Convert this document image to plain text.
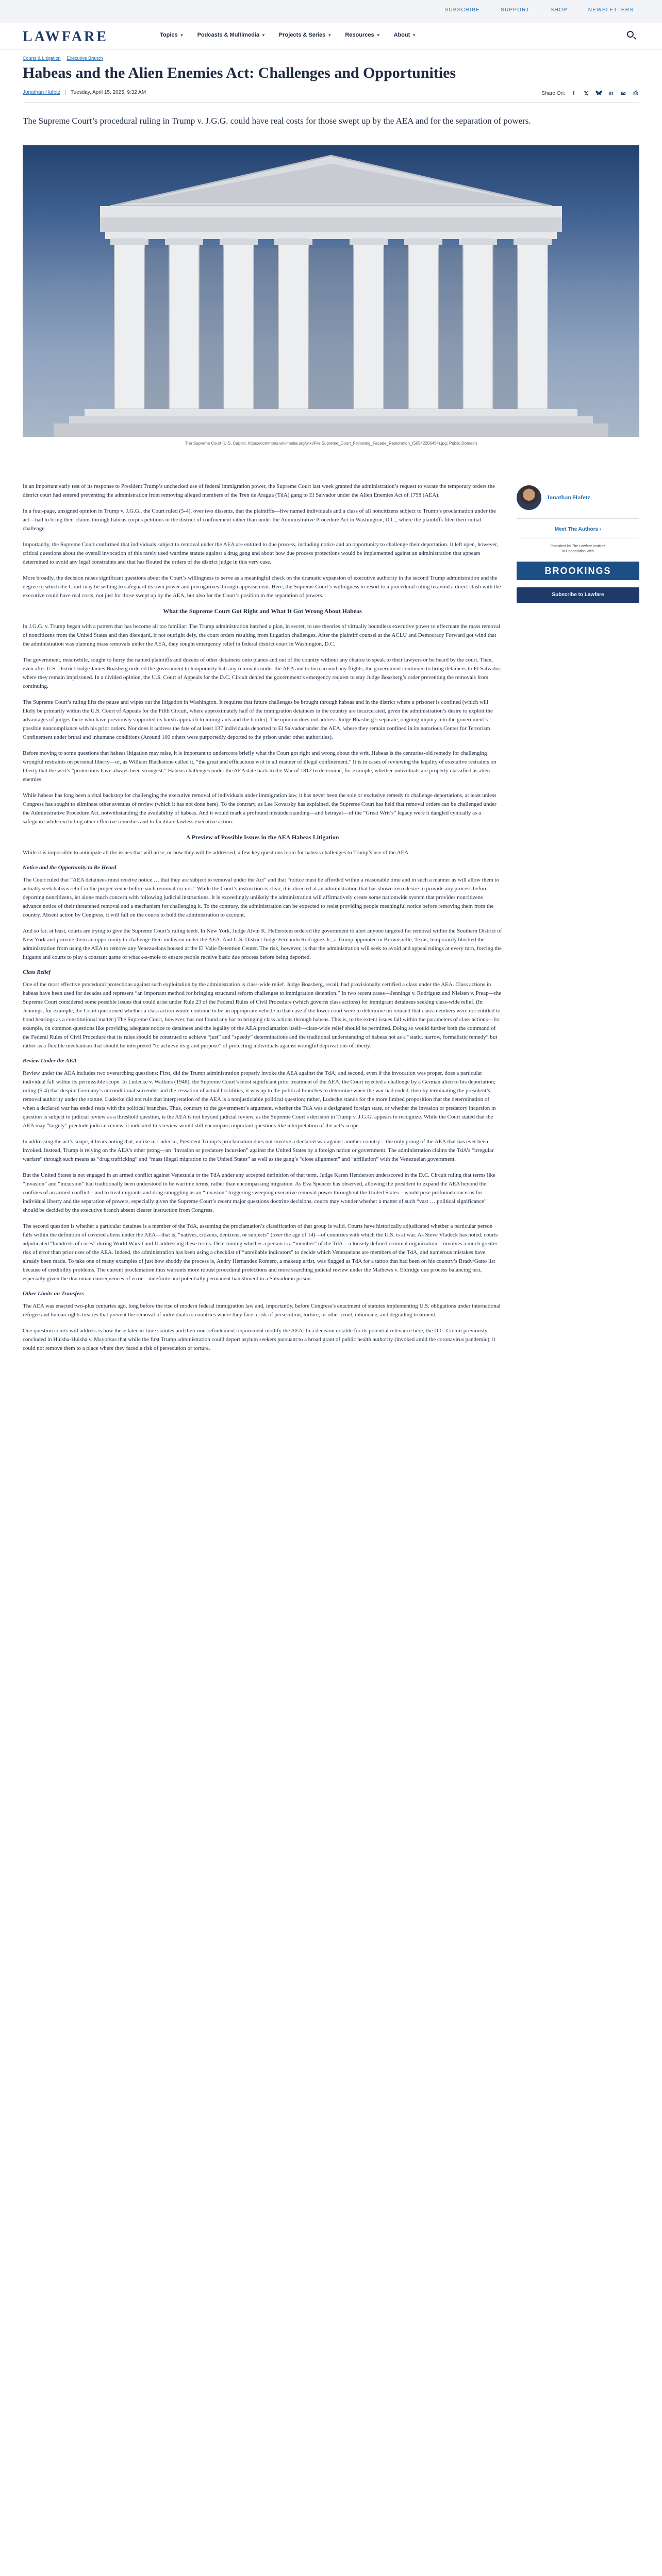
SUBSCRIBE	SUPPORT	SHOP	NEWSLETTERS
LAWFARE	Topics ▼ Podcasts & Multimedia ▼ Projects & Series ▼ Resources ▼ About ▼
Courts & Litigation Executive Branch
Habeas and the Alien Enemies Act: Challenges and Opportunities
Jonathan Hafetz | Tuesday, April 15, 2025, 9:32 AM	Share On:	f	𝕏	in ✉ ⎙

The Supreme Court’s procedural ruling in Trump v. J.G.G. could have real costs for those swept up by the AEA and for the separation of powers.

The Supreme Court (U.S. Capitol, https://commons.wikimedia.org/wiki/File:Supreme_Court_Following_Facade_Restoration_(50542206454).jpg; Public Domain)
Jonathan Hafetz
Meet The Authors ›
Published by The Lawfare Institute
in Cooperation With
BROOKINGS
Subscribe to Lawfare

In an important early test of its response to President Trump’s unchecked use of federal immigration power, the Supreme Court last week granted the administration’s request to vacate the temporary orders the district court had entered preventing the administration from removing alleged members of the Tren de Aragua (TdA) gang to El Salvador under the Alien Enemies Act of 1798 (AEA).

In a four-page, unsigned opinion in Trump v. J.G.G., the Court ruled (5-4), over two dissents, that the plaintiffs—five named individuals and a class of all noncitizens subject to Trump’s proclamation under the act—had to bring their claims through habeas corpus petitions in the district of confinement rather than under the Administrative Procedure Act in Washington, D.C., where the plaintiffs filed their initial challenge.

Importantly, the Supreme Court confirmed that individuals subject to removal under the AEA are entitled to due process, including notice and an opportunity to challenge their deportation. It left open, however, critical questions about the overall invocation of this rarely used wartime statute against a drug gang and about how due process protections would be implemented against an administration that appears determined to avoid any legal constraints and that has flouted the orders of the district judge in this very case.

More broadly, the decision raises significant questions about the Court’s willingness to serve as a meaningful check on the dramatic expansion of executive authority in the second Trump administration and the degree to which the Court may be willing to safeguard its own power and prerogatives through appeasement. Here, the Supreme Court’s willingness to resort to a procedural ruling to avoid a direct clash with the executive could have real costs, not just for those swept up by the AEA, but also for the Court’s position in the separation of powers.

What the Supreme Court Got Right and What It Got Wrong About Habeas

In J.G.G. v. Trump began with a pattern that has become all too familiar: The Trump administration hatched a plan, in secret, to use theories of virtually boundless executive power to effectuate the mass removal of noncitizens from the United States and then disregard, if not outright defy, the court orders resulting from litigation challenges. After the plaintiff counsel at the ACLU and Democracy Forward got wind that the administration was planning mass removals under the AEA, they sought emergency relief in federal district court in Washington, D.C.

The government, meanwhile, sought to hurry the named plaintiffs and dozens of other detainees onto planes and out of the country without any chance to speak to their lawyers or be heard by the court. Then, even after U.S. District Judge James Boasberg ordered the government to temporarily halt any removals under the AEA and to turn around any flights, the government continued to bring detainees to El Salvador, where they remain imprisoned. In a divided opinion, the U.S. Court of Appeals for the D.C. Circuit denied the government’s emergency request to stay Judge Boasberg’s order preventing the removals from continuing.

The Supreme Court’s ruling lifts the pause and wipes out the litigation in Washington. It requires that future challenges be brought through habeas and in the district where a prisoner is confined (which will likely be primarily within the U.S. Court of Appeals for the Fifth Circuit, where approximately half of the immigration detainees in the country are incarcerated, given the administration’s desire to exploit the advantages of judges there who have previously supported its harsh approach to immigrants and the border). The opinion does not address Judge Boasberg’s separate, ongoing inquiry into the government’s possible noncompliance with his prior orders. Nor does it address the fate of at least 137 individuals deported to El Salvador under the AEA, where they remain confined in its notorious Center for Terrorism Confinement under brutal and inhumane conditions (Around 100 others were purportedly deported to the prison under other authorities).

Before moving to some questions that habeas litigation may raise, it is important to underscore briefly what the Court got right and wrong about the writ. Habeas is the centuries-old remedy for challenging wrongful restraints on personal liberty—or, as William Blackstone called it, “the great and efficacious writ in all manner of illegal confinement.” It is in cases of reviewing the legality of executive restraints on liberty that the writ’s “protections have always been strongest.” Habeas challenges under the AEA date back to the War of 1812 to determine, for example, whether individuals are properly classified as alien enemies.

While habeas has long been a vital backstop for challenging the executive removal of individuals under immigration law, it has never been the sole or exclusive remedy to challenge deportations, at least unless Congress has sought to eliminate other avenues of review (which it has not done here). To the contrary, as Lee Kovarsky has explained, the Supreme Court has held that removal orders can be challenged under the Administrative Procedure Act, notwithstanding the availability of habeas. And it would mark a profound misunderstanding—and betrayal—of the “Great Writ’s” legacy were it dangled cynically as a safeguard while excluding other effective remedies and to facilitate lawless executive action.

A Preview of Possible Issues in the AEA Habeas Litigation

While it is impossible to anticipate all the issues that will arise, or how they will be addressed, a few key questions loom for habeas challenges to Trump’s use of the AEA.

Notice and the Opportunity to Be Heard

The Court ruled that “AEA detainees must receive notice … that they are subject to removal under the Act” and that “notice must be afforded within a reasonable time and in such a manner as will allow them to actually seek habeas relief in the proper venue before such removal occurs.” While the Court’s instruction is clear, it is directed at an administration that has shown zero desire to provide any process before deporting noncitizens, let alone much concern with following judicial instructions. It is exceedingly unlikely the administration will affirmatively create some nationwide system that provides noncitizens advance notice of their threatened removal and a mechanism for challenging it. To the contrary, the administration can be expected to resist providing people meaningful notice before removing them from the country. Absent action by Congress, it will fall on the courts to hold the administration to account.

And so far, at least, courts are trying to give the Supreme Court’s ruling teeth. In New York, Judge Alvin K. Hellerstein ordered the government to alert anyone targeted for removal within the Southern District of New York and provide them an opportunity to challenge their inclusion under the AEA. And U.S. District Judge Fernando Rodriguez Jr., a Trump appointee in Brownsville, Texas, temporarily blocked the administration from using the AEA to remove any Venezuelans housed at the El Valle Detention Center. The risk, however, is that the administration will seek to avoid and appeal rulings at every turn, forcing the litigants and courts to play a constant game of whack-a-mole to ensure people receive basic due process before being deported.

Class Relief

One of the most effective procedural protections against such exploitation by the administration is class-wide relief. Judge Boasberg, recall, had provisionally certified a class under the AEA. Class actions in habeas have been used for decades and represent “an important method for bringing structural reform challenges to immigration detention.” In two recent cases—Jennings v. Rodriguez and Nielsen v. Preap—the Supreme Court considered some possible issues that could arise under Rule 23 of the Federal Rules of Civil Procedure (which governs class actions) for immigrant detainees seeking class-wide relief. (In Jennings, for example, the Court questioned whether a class action would continue to be an appropriate vehicle in that case if the lower court were to determine on remand that class members were not entitled to bond hearings as a constitutional matter.) The Supreme Court, however, has not found any bar to bringing class actions through habeas. This is, to the extent issues fall within the parameters of class actions—for example, on common questions like providing adequate notice to detainees and the legality of the AEA proclamation itself—class-wide relief should be permitted. Doing so would further both the command of the Federal Rules of Civil Procedure that its rules should be construed to achieve “just” and “speedy” determinations and the traditional understanding of habeas not as a “static, narrow, formalistic remedy” but rather as a flexible mechanism that should be interpreted “to achieve its grand purpose” of protecting individuals against wrongful deprivations of liberty.

Review Under the AEA

Review under the AEA includes two overarching questions: First, did the Trump administration properly invoke the AEA against the TdA; and second, even if the invocation was proper, does a particular individual fall within its permissible scope. In Ludecke v. Watkins (1948), the Supreme Court’s most significant prior treatment of the AEA, the Court rejected a challenge by a German alien to his deportation; ruling (5-4) that despite Germany’s unconditional surrender and the cessation of actual hostilities, it was up to the political branches to determine when the war had ended, thereby terminating the president’s removal authority under the statute. Ludecke did not rule that interpretation of the AEA is a nonjusticiable political question; rather, Ludecke stands for the more limited proposition that the determination of when a declared war has ended rests with the political branches. Thus, contrary to the government’s argument, whether the TdA was a designated foreign state, or whether the invasion or predatory incursion in question is subject to judicial review as a threshold question, is the AEA is not beyond judicial review, as the Supreme Court’s decision in Trump v. J.G.G. appears to recognize. While the Court stated that the AEA may “largely” preclude judicial review, it indicated this review would still encompass important questions like interpretation of the act’s scope.

In addressing the act’s scope, it bears noting that, unlike in Ludecke, President Trump’s proclamation does not involve a declared war against another country—the only prong of the AEA that has ever been invoked. Instead, Trump is relying on the AEA’s other prong—an “invasion or predatory incursion” against the United States by a foreign nation or government. The administration claims the TdA’s “irregular warfare” through such means as “drug trafficking” and “mass illegal migration to the United States” as well as the gang’s “close alignment” and “affiliation” with the Venezuelan government.

But the United States is not engaged in an armed conflict against Venezuela or the TdA under any accepted definition of that term. Judge Karen Henderson underscored in the D.C. Circuit ruling that terms like “invasion” and “incursion” had traditionally been understood to be wartime terms, rather than encompassing migration. As Eva Spencer has observed, allowing the president to expand the AEA beyond the confines of an armed conflict—and to treat migrants and drug smuggling as an “invasion” triggering sweeping executive removal power throughout the United States—would pose profound concerns for individual liberty and the separation of powers, especially given the Supreme Court’s recent major questions doctrine decisions, courts may wonder whether a matter of such “vast … political significance” should be decided by the executive branch absent clearer instruction from Congress.

The second question is whether a particular detainee is a member of the TdA, assuming the proclamation’s classification of that group is valid. Courts have historically adjudicated whether a particular person falls within the definition of covered aliens under the AEA—that is, “natives, citizens, denizens, or subjects” (over the age of 14)—of countries with which the U.S. is at war. As Steve Vladeck has noted, courts adjudicated “hundreds of cases” during World Wars I and II addressing these terms. Determining whether a person is a “member” of the TdA—a loosely defined criminal organization—involves a much greater risk of error than prior uses of the AEA. Indeed, the administration has been using a checklist of “unreliable indicators” to decide which Venezuelans are members of the TdA, and numerous mistakes have already been made. To take one of many examples of just how shoddy the process is, Andry Hernandez Romero, a makeup artist, was flagged as TdA for a tattoo that had been on his country’s Brady/Gatto list because of credibility problems. The current proclamation thus warrants more robust procedural protections and more searching judicial review under the Mathews v. Eldridge due process balancing test, especially given the draconian consequences of error—indefinite and potentially permanent banishment in a Salvadoran prison.

Other Limits on Transfers

The AEA was enacted two-plus centuries ago, long before the rise of modern federal immigration law and, importantly, before Congress’s enactment of statutes implementing U.S. obligations under international refugee and human rights treaties that prevent the removal of individuals to countries where they face a risk of persecution, torture, or other cruel, inhumane, and degrading treatment.

One question courts will address is how these later-in-time statutes and their non-refoulement requirement modify the AEA. In a decision notable for its potential relevance here, the D.C. Circuit previously concluded in Huisha-Huisha v. Mayorkas that while the first Trump administration could deport asylum seekers pursuant to a broad grant of public health authority (invoked amid the coronavirus pandemic), it could not remove them to a place where they faced a risk of persecution or torture.
